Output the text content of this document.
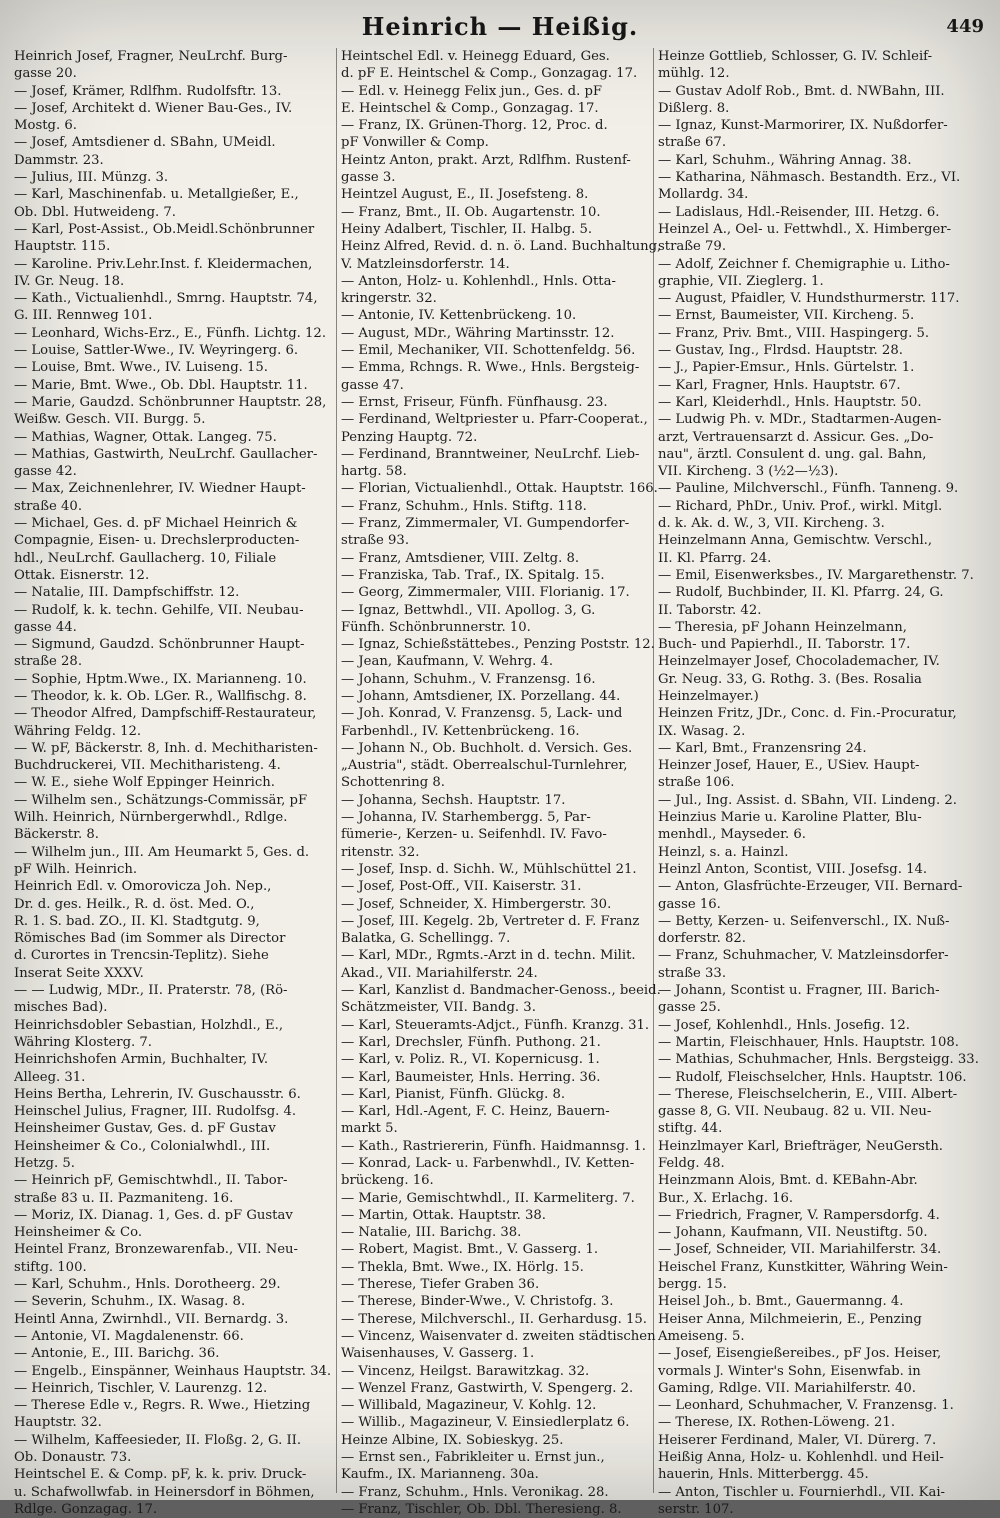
Heinrich — Heißig.	449
Heinrich Josef, Fragner, NeuLrchf. Burg-
gasse 20.
— Josef, Krämer, Rdlfhm. Rudolfsftr. 13.
— Josef, Architekt d. Wiener Bau-Ges., IV.
Mostg. 6.
— Josef, Amtsdiener d. SBahn, UMeidl.
Dammstr. 23.
— Julius, III. Münzg. 3.
— Karl, Maschinenfab. u. Metallgießer, E.,
Ob. Dbl. Hutweideng. 7.
— Karl, Post-Assist., Ob.Meidl.Schönbrunner
Hauptstr. 115.
— Karoline. Priv.Lehr.Inst. f. Kleidermachen,
IV. Gr. Neug. 18.
— Kath., Victualienhdl., Smrng. Hauptstr. 74,
G. III. Rennweg 101.
— Leonhard, Wichs-Erz., E., Fünfh. Lichtg. 12.
— Louise, Sattler-Wwe., IV. Weyringerg. 6.
— Louise, Bmt. Wwe., IV. Luiseng. 15.
— Marie, Bmt. Wwe., Ob. Dbl. Hauptstr. 11.
— Marie, Gaudzd. Schönbrunner Hauptstr. 28,
Weißw. Gesch. VII. Burgg. 5.
— Mathias, Wagner, Ottak. Langeg. 75.
— Mathias, Gastwirth, NeuLrchf. Gaullacher-
gasse 42.
— Max, Zeichnenlehrer, IV. Wiedner Haupt-
straße 40.
— Michael, Ges. d. pF Michael Heinrich &
Compagnie, Eisen- u. Drechslerproducten-
hdl., NeuLrchf. Gaullacherg. 10, Filiale
Ottak. Eisnerstr. 12.
— Natalie, III. Dampfschiffstr. 12.
— Rudolf, k. k. techn. Gehilfe, VII. Neubau-
gasse 44.
— Sigmund, Gaudzd. Schönbrunner Haupt-
straße 28.
— Sophie, Hptm.Wwe., IX. Marianneng. 10.
— Theodor, k. k. Ob. LGer. R., Wallfischg. 8.
— Theodor Alfred, Dampfschiff-Restaurateur,
Währing Feldg. 12.
— W. pF, Bäckerstr. 8, Inh. d. Mechitharisten-
Buchdruckerei, VII. Mechitharisteng. 4.
— W. E., siehe Wolf Eppinger Heinrich.
— Wilhelm sen., Schätzungs-Commissär, pF
Wilh. Heinrich, Nürnbergerwhdl., Rdlge.
Bäckerstr. 8.
— Wilhelm jun., III. Am Heumarkt 5, Ges. d.
pF Wilh. Heinrich.
Heinrich Edl. v. Omorovicza Joh. Nep.,
Dr. d. ges. Heilk., R. d. öst. Med. O.,
R. 1. S. bad. ZO., II. Kl. Stadtgutg. 9,
Römisches Bad (im Sommer als Director
d. Curortes in Trencsin-Teplitz). Siehe
Inserat Seite XXXV.
— — Ludwig, MDr., II. Praterstr. 78, (Rö-
misches Bad).
Heinrichsdobler Sebastian, Holzhdl., E.,
Währing Klosterg. 7.
Heinrichshofen Armin, Buchhalter, IV.
Alleeg. 31.
Heins Bertha, Lehrerin, IV. Guschausstr. 6.
Heinschel Julius, Fragner, III. Rudolfsg. 4.
Heinsheimer Gustav, Ges. d. pF Gustav
Heinsheimer & Co., Colonialwhdl., III.
Hetzg. 5.
— Heinrich pF, Gemischtwhdl., II. Tabor-
straße 83 u. II. Pazmaniteng. 16.
— Moriz, IX. Dianag. 1, Ges. d. pF Gustav
Heinsheimer & Co.
Heintel Franz, Bronzewarenfab., VII. Neu-
stiftg. 100.
— Karl, Schuhm., Hnls. Dorotheerg. 29.
— Severin, Schuhm., IX. Wasag. 8.
Heintl Anna, Zwirnhdl., VII. Bernardg. 3.
— Antonie, VI. Magdalenenstr. 66.
— Antonie, E., III. Barichg. 36.
— Engelb., Einspänner, Weinhaus Hauptstr. 34.
— Heinrich, Tischler, V. Laurenzg. 12.
— Therese Edle v., Regrs. R. Wwe., Hietzing
Hauptstr. 32.
— Wilhelm, Kaffeesieder, II. Floßg. 2, G. II.
Ob. Donaustr. 73.
Heintschel E. & Comp. pF, k. k. priv. Druck-
u. Schafwollwfab. in Heinersdorf in Böhmen,
Rdlge. Gonzagag. 17.
Heintschel Edl. v. Heinegg Eduard, Ges.
d. pF E. Heintschel & Comp., Gonzagag. 17.
— Edl. v. Heinegg Felix jun., Ges. d. pF
E. Heintschel & Comp., Gonzagag. 17.
— Franz, IX. Grünen-Thorg. 12, Proc. d.
pF Vonwiller & Comp.
Heintz Anton, prakt. Arzt, Rdlfhm. Rustenf-
gasse 3.
Heintzel August, E., II. Josefsteng. 8.
— Franz, Bmt., II. Ob. Augartenstr. 10.
Heiny Adalbert, Tischler, II. Halbg. 5.
Heinz Alfred, Revid. d. n. ö. Land. Buchhaltung,
V. Matzleinsdorferstr. 14.
— Anton, Holz- u. Kohlenhdl., Hnls. Otta-
kringerstr. 32.
— Antonie, IV. Kettenbrückeng. 10.
— August, MDr., Währing Martinsstr. 12.
— Emil, Mechaniker, VII. Schottenfeldg. 56.
— Emma, Rchngs. R. Wwe., Hnls. Bergsteig-
gasse 47.
— Ernst, Friseur, Fünfh. Fünfhausg. 23.
— Ferdinand, Weltpriester u. Pfarr-Cooperat.,
Penzing Hauptg. 72.
— Ferdinand, Branntweiner, NeuLrchf. Lieb-
hartg. 58.
— Florian, Victualienhdl., Ottak. Hauptstr. 166.
— Franz, Schuhm., Hnls. Stiftg. 118.
— Franz, Zimmermaler, VI. Gumpendorfer-
straße 93.
— Franz, Amtsdiener, VIII. Zeltg. 8.
— Franziska, Tab. Traf., IX. Spitalg. 15.
— Georg, Zimmermaler, VIII. Florianig. 17.
— Ignaz, Bettwhdl., VII. Apollog. 3, G.
Fünfh. Schönbrunnerstr. 10.
— Ignaz, Schießstättebes., Penzing Poststr. 12.
— Jean, Kaufmann, V. Wehrg. 4.
— Johann, Schuhm., V. Franzensg. 16.
— Johann, Amtsdiener, IX. Porzellang. 44.
— Joh. Konrad, V. Franzensg. 5, Lack- und
Farbenhdl., IV. Kettenbrückeng. 16.
— Johann N., Ob. Buchholt. d. Versich. Ges.
„Austria", städt. Oberrealschul-Turnlehrer,
Schottenring 8.
— Johanna, Sechsh. Hauptstr. 17.
— Johanna, IV. Starhembergg. 5, Par-
fümerie-, Kerzen- u. Seifenhdl. IV. Favo-
ritenstr. 32.
— Josef, Insp. d. Sichh. W., Mühlschüttel 21.
— Josef, Post-Off., VII. Kaiserstr. 31.
— Josef, Schneider, X. Himbergerstr. 30.
— Josef, III. Kegelg. 2b, Vertreter d. F. Franz
Balatka, G. Schellingg. 7.
— Karl, MDr., Rgmts.-Arzt in d. techn. Milit.
Akad., VII. Mariahilferstr. 24.
— Karl, Kanzlist d. Bandmacher-Genoss., beeid.
Schätzmeister, VII. Bandg. 3.
— Karl, Steueramts-Adjct., Fünfh. Kranzg. 31.
— Karl, Drechsler, Fünfh. Puthong. 21.
— Karl, v. Poliz. R., VI. Kopernicusg. 1.
— Karl, Baumeister, Hnls. Herring. 36.
— Karl, Pianist, Fünfh. Glückg. 8.
— Karl, Hdl.-Agent, F. C. Heinz, Bauern-
markt 5.
— Kath., Rastriererin, Fünfh. Haidmannsg. 1.
— Konrad, Lack- u. Farbenwhdl., IV. Ketten-
brückeng. 16.
— Marie, Gemischtwhdl., II. Karmeliterg. 7.
— Martin, Ottak. Hauptstr. 38.
— Natalie, III. Barichg. 38.
— Robert, Magist. Bmt., V. Gasserg. 1.
— Thekla, Bmt. Wwe., IX. Hörlg. 15.
— Therese, Tiefer Graben 36.
— Therese, Binder-Wwe., V. Christofg. 3.
— Therese, Milchverschl., II. Gerhardusg. 15.
— Vincenz, Waisenvater d. zweiten städtischen
Waisenhauses, V. Gasserg. 1.
— Vincenz, Heilgst. Barawitzkag. 32.
— Wenzel Franz, Gastwirth, V. Spengerg. 2.
— Willibald, Magazineur, V. Kohlg. 12.
— Willib., Magazineur, V. Einsiedlerplatz 6.
Heinze Albine, IX. Sobieskyg. 25.
— Ernst sen., Fabrikleiter u. Ernst jun.,
Kaufm., IX. Marianneng. 30a.
— Franz, Schuhm., Hnls. Veronikag. 28.
— Franz, Tischler, Ob. Dbl. Theresieng. 8.
Heinze Gottlieb, Schlosser, G. IV. Schleif-
mühlg. 12.
— Gustav Adolf Rob., Bmt. d. NWBahn, III.
Dißlerg. 8.
— Ignaz, Kunst-Marmorirer, IX. Nußdorfer-
straße 67.
— Karl, Schuhm., Währing Annag. 38.
— Katharina, Nähmasch. Bestandth. Erz., VI.
Mollardg. 34.
— Ladislaus, Hdl.-Reisender, III. Hetzg. 6.
Heinzel A., Oel- u. Fettwhdl., X. Himberger-
straße 79.
— Adolf, Zeichner f. Chemigraphie u. Litho-
graphie, VII. Zieglerg. 1.
— August, Pfaidler, V. Hundsthurmerstr. 117.
— Ernst, Baumeister, VII. Kircheng. 5.
— Franz, Priv. Bmt., VIII. Haspingerg. 5.
— Gustav, Ing., Flrdsd. Hauptstr. 28.
— J., Papier-Emsur., Hnls. Gürtelstr. 1.
— Karl, Fragner, Hnls. Hauptstr. 67.
— Karl, Kleiderhdl., Hnls. Hauptstr. 50.
— Ludwig Ph. v. MDr., Stadtarmen-Augen-
arzt, Vertrauensarzt d. Assicur. Ges. „Do-
nau", ärztl. Consulent d. ung. gal. Bahn,
VII. Kircheng. 3 (½2—½3).
— Pauline, Milchverschl., Fünfh. Tanneng. 9.
— Richard, PhDr., Univ. Prof., wirkl. Mitgl.
d. k. Ak. d. W., 3, VII. Kircheng. 3.
Heinzelmann Anna, Gemischtw. Verschl.,
II. Kl. Pfarrg. 24.
— Emil, Eisenwerksbes., IV. Margarethenstr. 7.
— Rudolf, Buchbinder, II. Kl. Pfarrg. 24, G.
II. Taborstr. 42.
— Theresia, pF Johann Heinzelmann,
Buch- und Papierhdl., II. Taborstr. 17.
Heinzelmayer Josef, Chocolademacher, IV.
Gr. Neug. 33, G. Rothg. 3. (Bes. Rosalia
Heinzelmayer.)
Heinzen Fritz, JDr., Conc. d. Fin.-Procuratur,
IX. Wasag. 2.
— Karl, Bmt., Franzensring 24.
Heinzer Josef, Hauer, E., USiev. Haupt-
straße 106.
— Jul., Ing. Assist. d. SBahn, VII. Lindeng. 2.
Heinzius Marie u. Karoline Platter, Blu-
menhdl., Mayseder. 6.
Heinzl, s. a. Hainzl.
Heinzl Anton, Scontist, VIII. Josefsg. 14.
— Anton, Glasfrüchte-Erzeuger, VII. Bernard-
gasse 16.
— Betty, Kerzen- u. Seifenverschl., IX. Nuß-
dorferstr. 82.
— Franz, Schuhmacher, V. Matzleinsdorfer-
straße 33.
— Johann, Scontist u. Fragner, III. Barich-
gasse 25.
— Josef, Kohlenhdl., Hnls. Josefig. 12.
— Martin, Fleischhauer, Hnls. Hauptstr. 108.
— Mathias, Schuhmacher, Hnls. Bergsteigg. 33.
— Rudolf, Fleischselcher, Hnls. Hauptstr. 106.
— Therese, Fleischselcherin, E., VIII. Albert-
gasse 8, G. VII. Neubaug. 82 u. VII. Neu-
stiftg. 44.
Heinzlmayer Karl, Briefträger, NeuGersth.
Feldg. 48.
Heinzmann Alois, Bmt. d. KEBahn-Abr.
Bur., X. Erlachg. 16.
— Friedrich, Fragner, V. Rampersdorfg. 4.
— Johann, Kaufmann, VII. Neustiftg. 50.
— Josef, Schneider, VII. Mariahilferstr. 34.
Heischel Franz, Kunstkitter, Währing Wein-
bergg. 15.
Heisel Joh., b. Bmt., Gauermanng. 4.
Heiser Anna, Milchmeierin, E., Penzing
Ameiseng. 5.
— Josef, Eisengießereibes., pF Jos. Heiser,
vormals J. Winter's Sohn, Eisenwfab. in
Gaming, Rdlge. VII. Mariahilferstr. 40.
— Leonhard, Schuhmacher, V. Franzensg. 1.
— Therese, IX. Rothen-Löweng. 21.
Heiserer Ferdinand, Maler, VI. Dürerg. 7.
Heißig Anna, Holz- u. Kohlenhdl. und Heil-
hauerin, Hnls. Mitterbergg. 45.
— Anton, Tischler u. Fournierhdl., VII. Kai-
serstr. 107.
